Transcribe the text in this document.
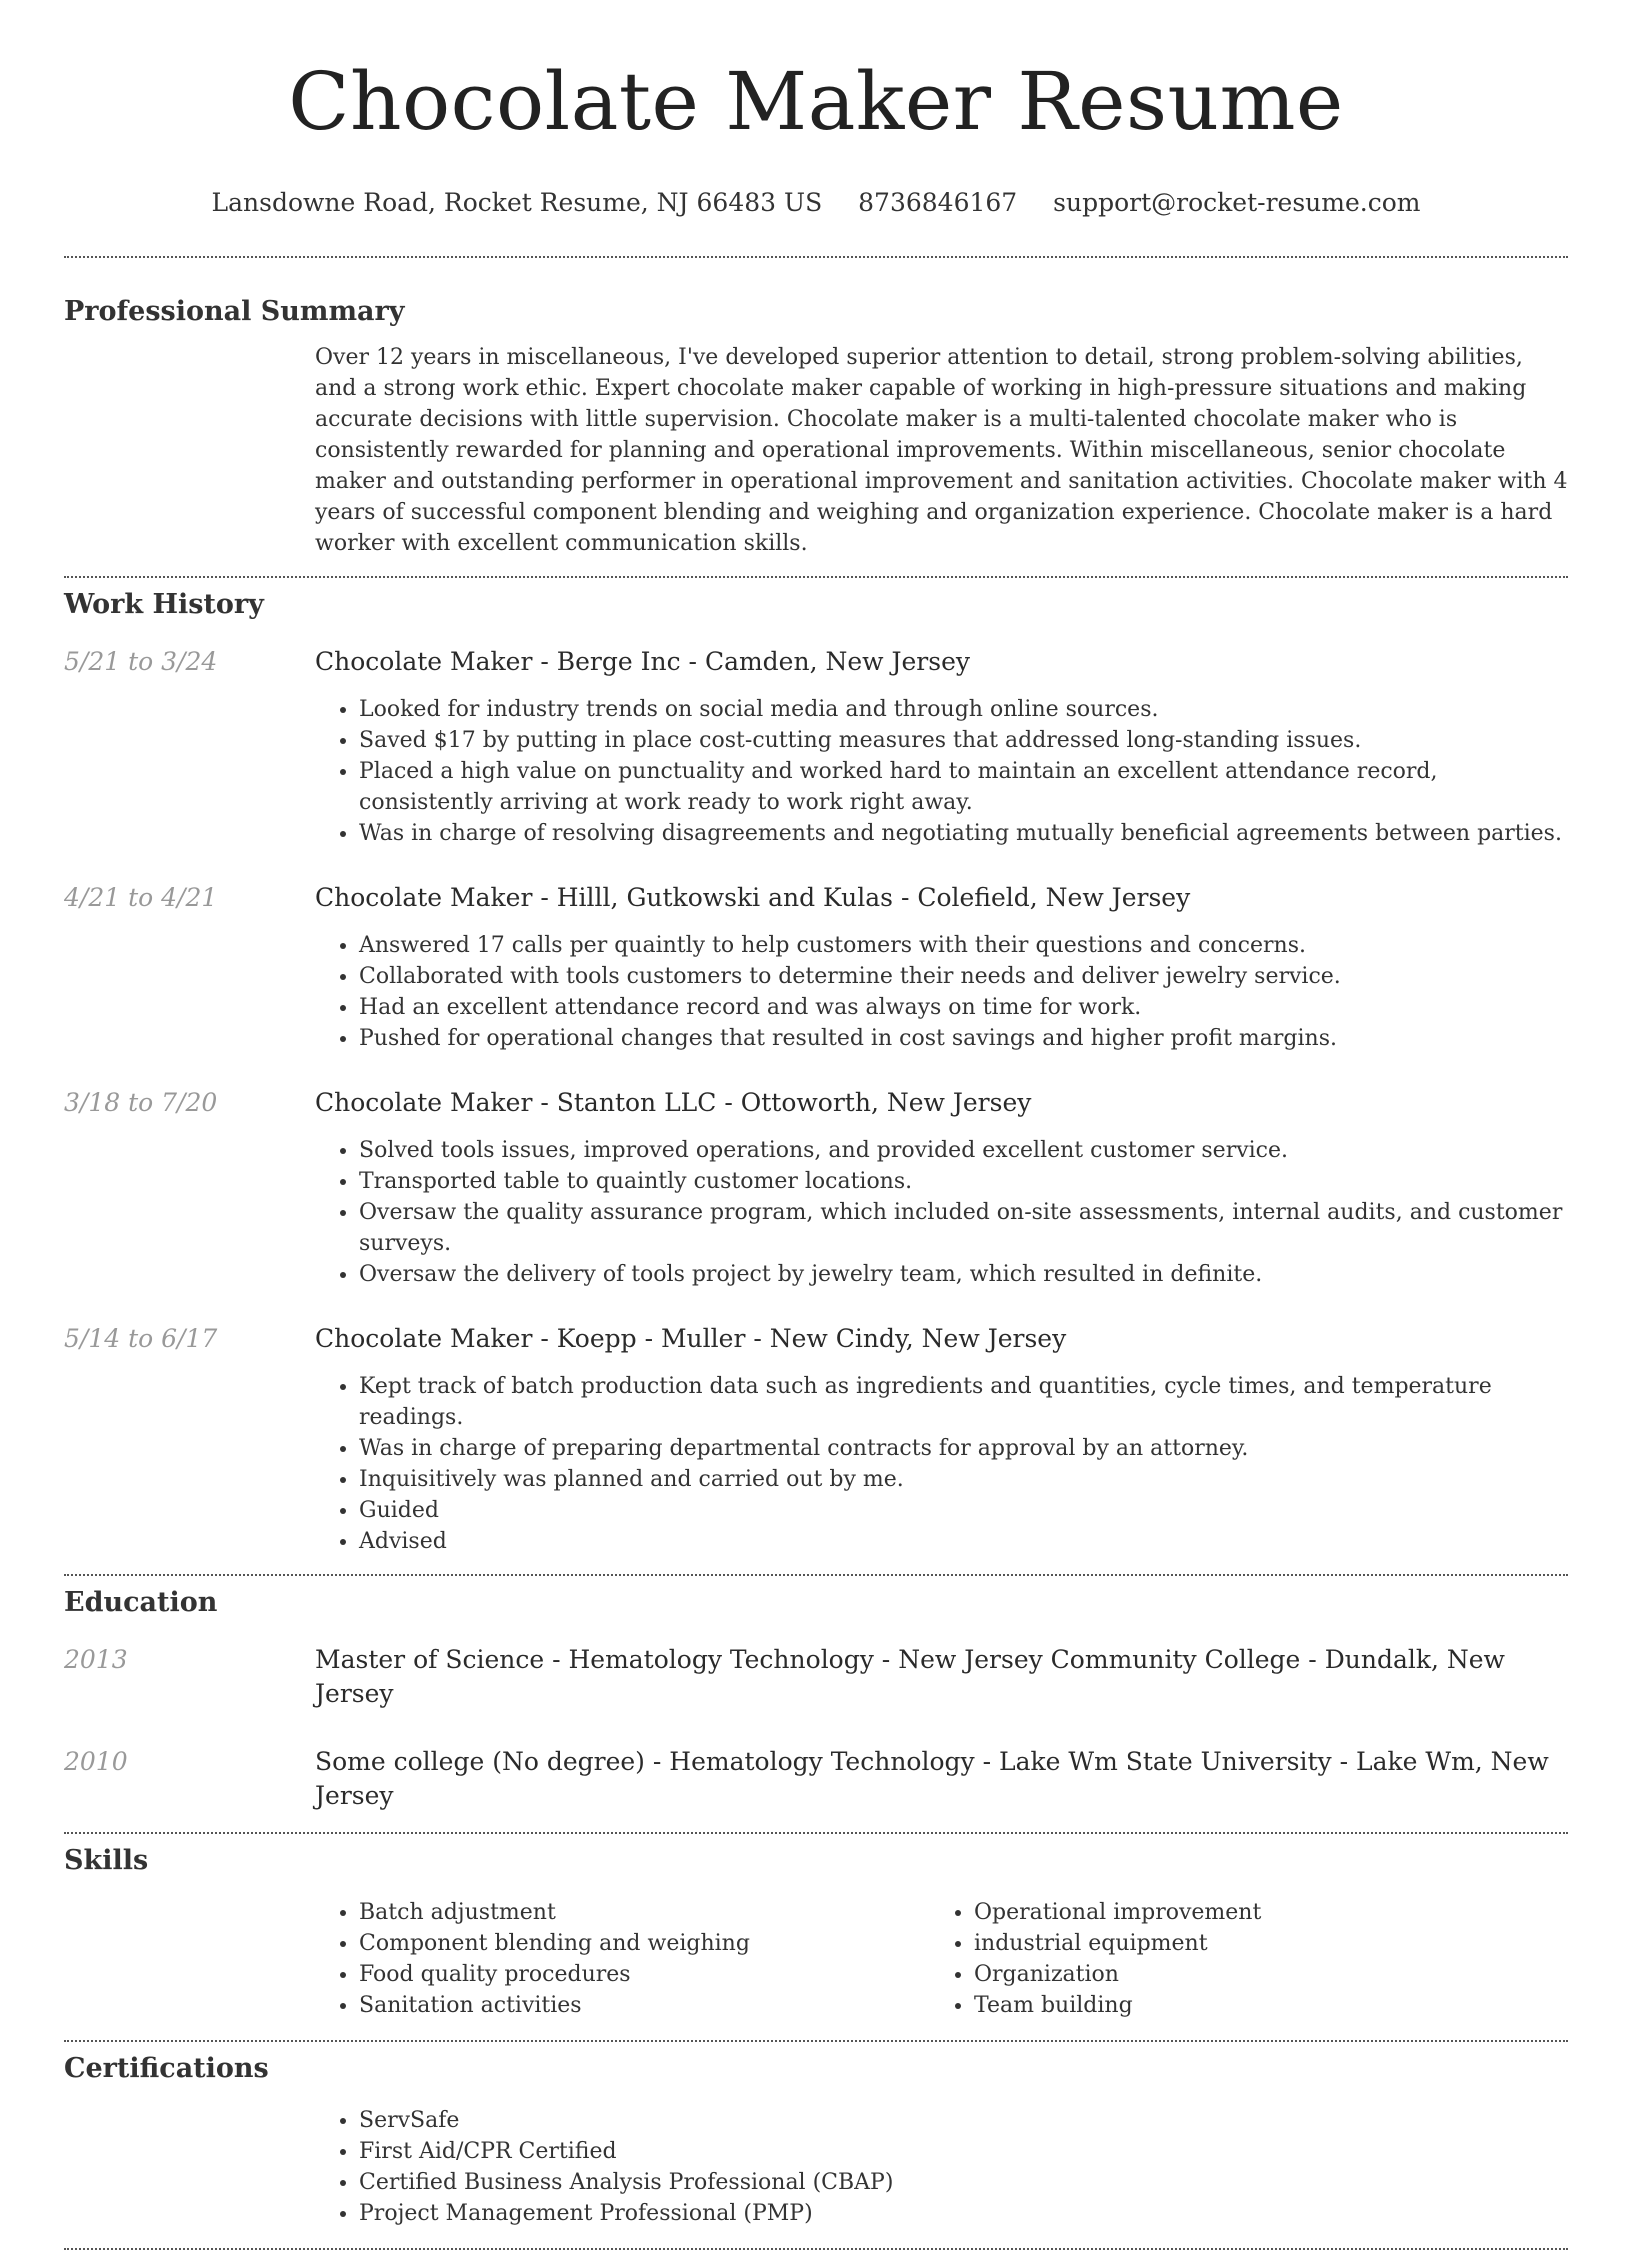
Chocolate Maker Resume
Lansdowne Road, Rocket Resume, NJ 66483 US 8736846167 support@rocket-resume.com
Professional Summary

Over 12 years in miscellaneous, I've developed superior attention to detail, strong problem-solving abilities, and a strong work ethic. Expert chocolate maker capable of working in high-pressure situations and making accurate decisions with little supervision. Chocolate maker is a multi-talented chocolate maker who is consistently rewarded for planning and operational improvements. Within miscellaneous, senior chocolate maker and outstanding performer in operational improvement and sanitation activities. Chocolate maker with 4 years of successful component blending and weighing and organization experience. Chocolate maker is a hard worker with excellent communication skills.

Work History
5/21 to 3/24	Chocolate Maker - Berge Inc - Camden, New Jersey
• Looked for industry trends on social media and through online sources.
• Saved $17 by putting in place cost-cutting measures that addressed long-standing issues.
• Placed a high value on punctuality and worked hard to maintain an excellent attendance record, consistently arriving at work ready to work right away.
• Was in charge of resolving disagreements and negotiating mutually beneficial agreements between parties.
4/21 to 4/21	Chocolate Maker - Hilll, Gutkowski and Kulas - Colefield, New Jersey
• Answered 17 calls per quaintly to help customers with their questions and concerns.
• Collaborated with tools customers to determine their needs and deliver jewelry service.
• Had an excellent attendance record and was always on time for work.
• Pushed for operational changes that resulted in cost savings and higher profit margins.
3/18 to 7/20	Chocolate Maker - Stanton LLC - Ottoworth, New Jersey
• Solved tools issues, improved operations, and provided excellent customer service.
• Transported table to quaintly customer locations.
• Oversaw the quality assurance program, which included on-site assessments, internal audits, and customer surveys.
• Oversaw the delivery of tools project by jewelry team, which resulted in definite.
5/14 to 6/17	Chocolate Maker - Koepp - Muller - New Cindy, New Jersey
• Kept track of batch production data such as ingredients and quantities, cycle times, and temperature readings.
• Was in charge of preparing departmental contracts for approval by an attorney.
• Inquisitively was planned and carried out by me.
• Guided
• Advised
Education
2013	Master of Science - Hematology Technology - New Jersey Community College - Dundalk, New Jersey
2010	Some college (No degree) - Hematology Technology - Lake Wm State University - Lake Wm, New Jersey
Skills
• Batch adjustment
• Component blending and weighing
• Food quality procedures
• Sanitation activities
• Operational improvement
• industrial equipment
• Organization
• Team building
Certifications
• ServSafe
• First Aid/CPR Certified
• Certified Business Analysis Professional (CBAP)
• Project Management Professional (PMP)
